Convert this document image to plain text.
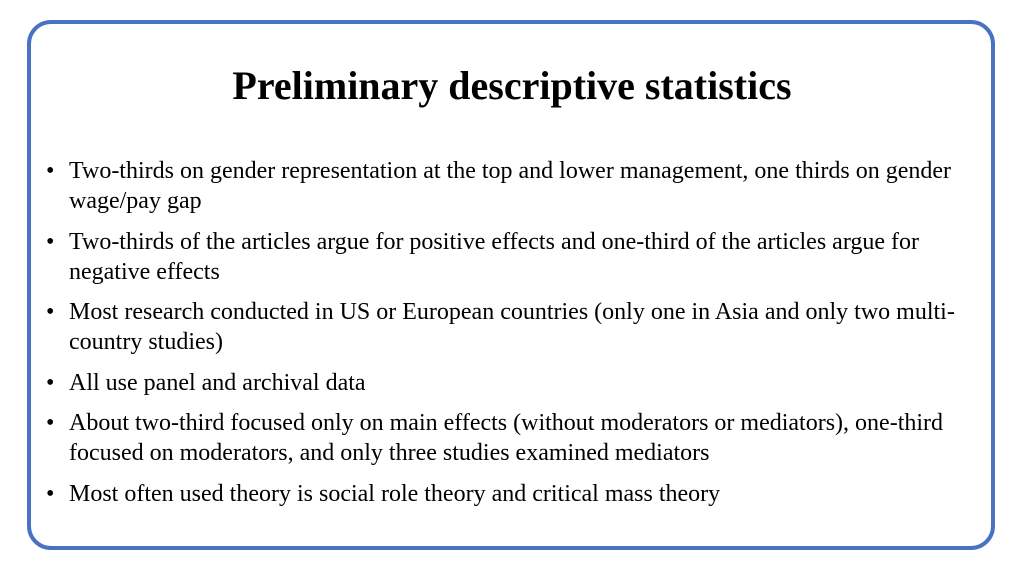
Preliminary descriptive statistics
• Two-thirds on gender representation at the top and lower management, one thirds on gender wage/pay gap
• Two-thirds of the articles argue for positive effects and one-third of the articles argue for negative effects
• Most research conducted in US or European countries (only one in Asia and only two multi-country studies)
• All use panel and archival data
• About two-third focused only on main effects (without moderators or mediators), one-third focused on moderators, and only three studies examined mediators
• Most often used theory is social role theory and critical mass theory
